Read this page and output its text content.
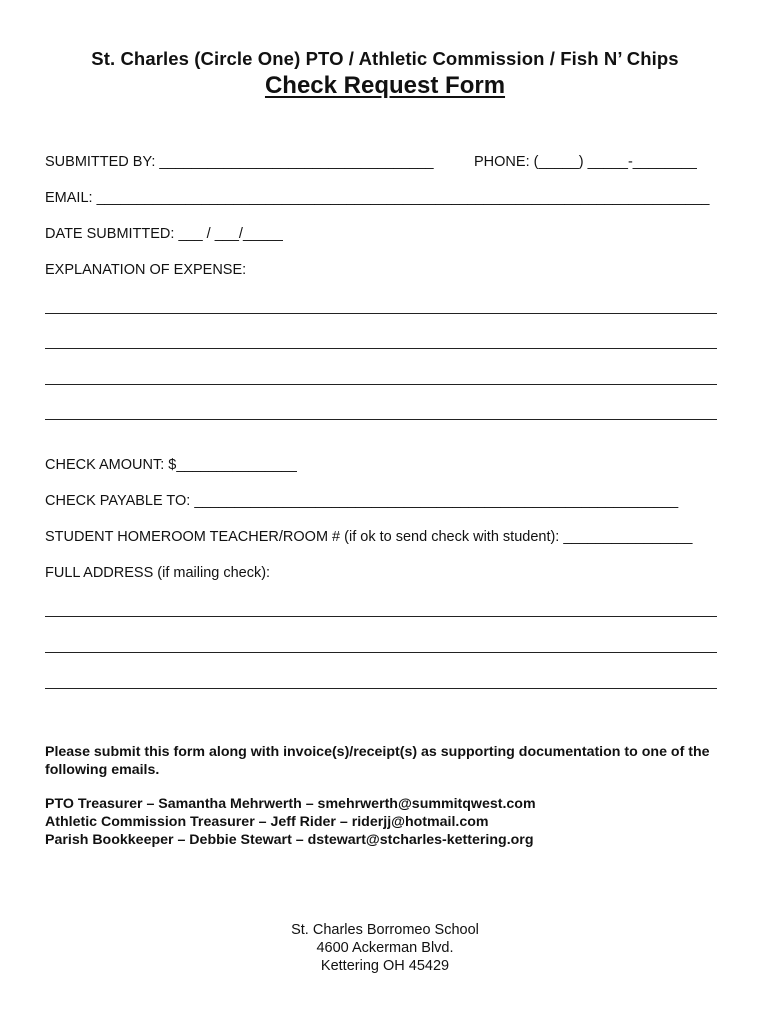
St. Charles (Circle One) PTO / Athletic Commission / Fish N’ Chips
Check Request Form
SUBMITTED BY: __________________________________	PHONE: (_____) _____-________
EMAIL: ____________________________________________________________________________
DATE SUBMITTED: ___ / ___/_____
EXPLANATION OF EXPENSE:
CHECK AMOUNT: $_______________
CHECK PAYABLE TO: ____________________________________________________________
STUDENT HOMEROOM TEACHER/ROOM # (if ok to send check with student): ________________
FULL ADDRESS (if mailing check):
Please submit this form along with invoice(s)/receipt(s) as supporting documentation to one of the following emails.
PTO Treasurer – Samantha Mehrwerth – smehrwerth@summitqwest.com
Athletic Commission Treasurer – Jeff Rider – riderjj@hotmail.com
Parish Bookkeeper – Debbie Stewart – dstewart@stcharles-kettering.org
St. Charles Borromeo School
4600 Ackerman Blvd.
Kettering OH 45429
